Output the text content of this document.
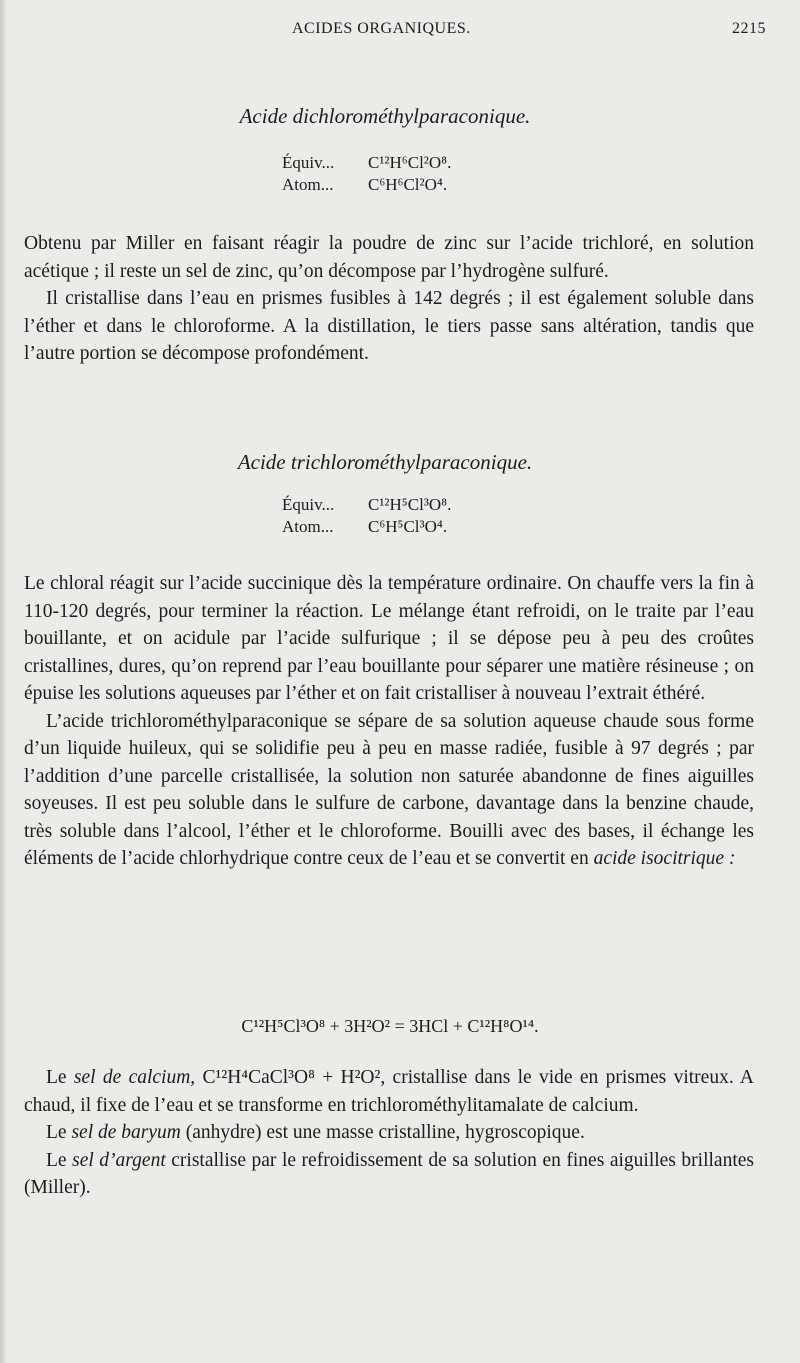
ACIDES ORGANIQUES.	2215
Acide dichlorométhylparaconique.
Équiv... C¹²H⁶Cl²O⁸.
Atom... C⁶H⁶Cl²O⁴.

Obtenu par Miller en faisant réagir la poudre de zinc sur l’acide trichloré, en solution acétique ; il reste un sel de zinc, qu’on décompose par l’hydrogène sulfuré.

Il cristallise dans l’eau en prismes fusibles à 142 degrés ; il est également soluble dans l’éther et dans le chloroforme. A la distillation, le tiers passe sans altération, tandis que l’autre portion se décompose profondément.

Acide trichlorométhylparaconique.
Équiv... C¹²H⁵Cl³O⁸.
Atom... C⁶H⁵Cl³O⁴.

Le chloral réagit sur l’acide succinique dès la température ordinaire. On chauffe vers la fin à 110-120 degrés, pour terminer la réaction. Le mélange étant refroidi, on le traite par l’eau bouillante, et on acidule par l’acide sulfurique ; il se dépose peu à peu des croûtes cristallines, dures, qu’on reprend par l’eau bouillante pour séparer une matière résineuse ; on épuise les solutions aqueuses par l’éther et on fait cristalliser à nouveau l’extrait éthéré.

L’acide trichlorométhylparaconique se sépare de sa solution aqueuse chaude sous forme d’un liquide huileux, qui se solidifie peu à peu en masse radiée, fusible à 97 degrés ; par l’addition d’une parcelle cristallisée, la solution non saturée abandonne de fines aiguilles soyeuses. Il est peu soluble dans le sulfure de carbone, davantage dans la benzine chaude, très soluble dans l’alcool, l’éther et le chloroforme. Bouilli avec des bases, il échange les éléments de l’acide chlorhydrique contre ceux de l’eau et se convertit en acide isocitrique :

C¹²H⁵Cl³O⁸ + 3H²O² = 3HCl + C¹²H⁸O¹⁴.

Le sel de calcium, C¹²H⁴CaCl³O⁸ + H²O², cristallise dans le vide en prismes vitreux. A chaud, il fixe de l’eau et se transforme en trichlorométhylitamalate de calcium.

Le sel de baryum (anhydre) est une masse cristalline, hygroscopique.

Le sel d’argent cristallise par le refroidissement de sa solution en fines aiguilles brillantes (Miller).
